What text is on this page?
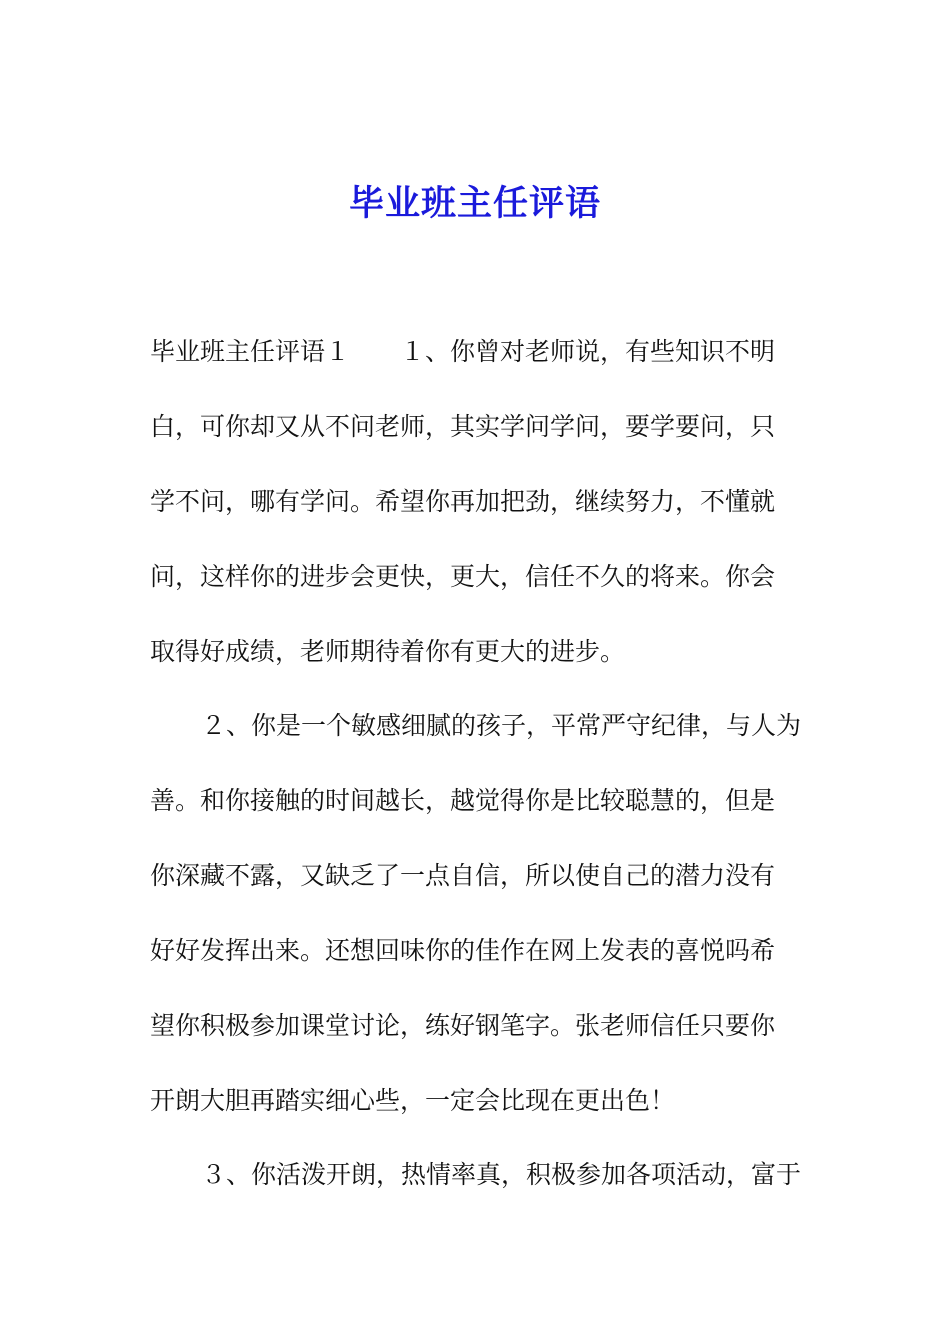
毕业班主任评语
毕业班主任评语１ １、你曾对老师说，有些知识不明
白，可你却又从不问老师，其实学问学问，要学要问，只
学不问，哪有学问。希望你再加把劲，继续努力，不懂就
问，这样你的进步会更快，更大，信任不久的将来。你会
取得好成绩，老师期待着你有更大的进步。
２、你是一个敏感细腻的孩子，平常严守纪律，与人为
善。和你接触的时间越长，越觉得你是比较聪慧的，但是
你深藏不露，又缺乏了一点自信，所以使自己的潜力没有
好好发挥出来。还想回味你的佳作在网上发表的喜悦吗希
望你积极参加课堂讨论，练好钢笔字。张老师信任只要你
开朗大胆再踏实细心些，一定会比现在更出色！
３、你活泼开朗，热情率真，积极参加各项活动，富于
